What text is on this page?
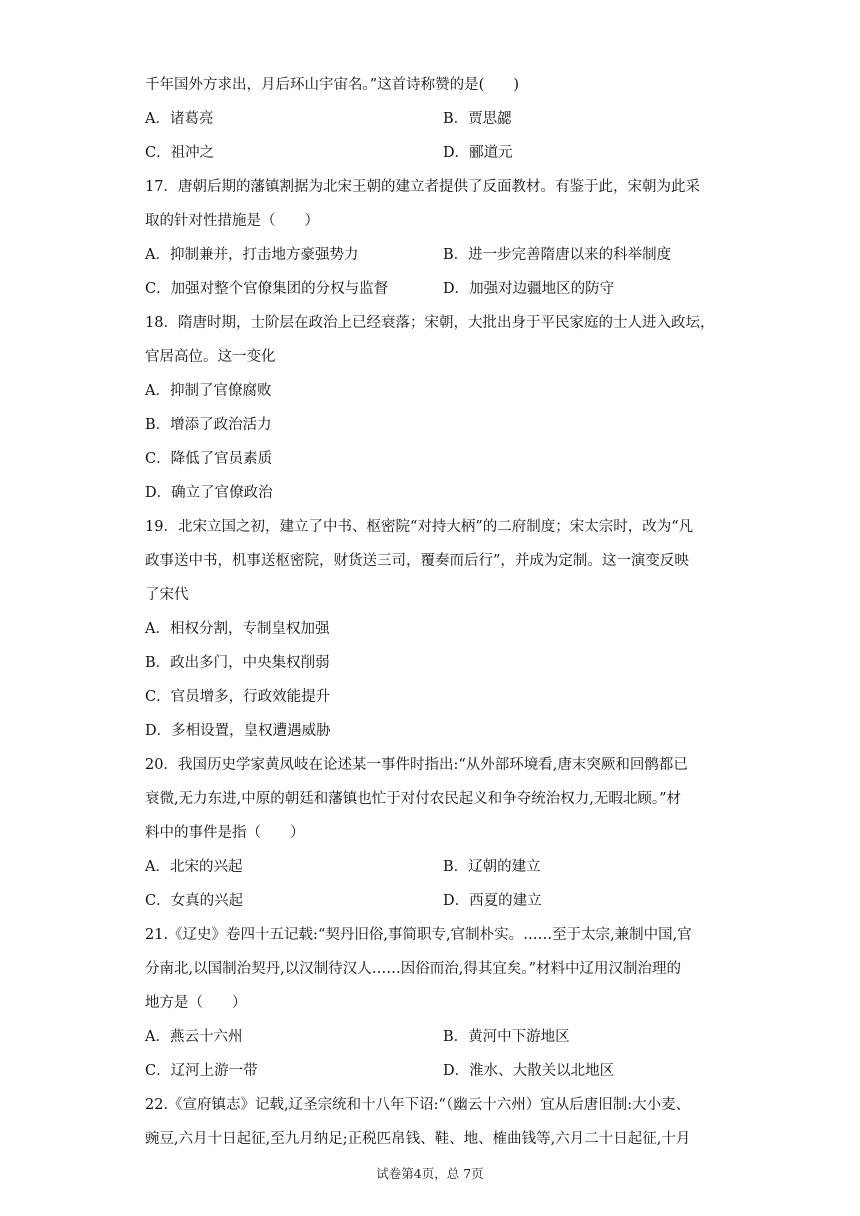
千年国外方求出，月后环山宇宙名。”这首诗称赞的是(　　)
A．诸葛亮	B．贾思勰
C．祖冲之	D．郦道元
17．唐朝后期的藩镇割据为北宋王朝的建立者提供了反面教材。有鉴于此，宋朝为此采
取的针对性措施是（　　）
A．抑制兼并，打击地方豪强势力	B．进一步完善隋唐以来的科举制度
C．加强对整个官僚集团的分权与监督	D．加强对边疆地区的防守
18．隋唐时期，士阶层在政治上已经衰落；宋朝，大批出身于平民家庭的士人进入政坛，
官居高位。这一变化
A．抑制了官僚腐败
B．增添了政治活力
C．降低了官员素质
D．确立了官僚政治
19．北宋立国之初，建立了中书、枢密院“对持大柄”的二府制度；宋太宗时，改为“凡
政事送中书，机事送枢密院，财货送三司，覆奏而后行”，并成为定制。这一演变反映
了宋代
A．相权分割，专制皇权加强
B．政出多门，中央集权削弱
C．官员增多，行政效能提升
D．多相设置，皇权遭遇威胁
20．我国历史学家黄凤岐在论述某一事件时指出:“从外部环境看,唐末突厥和回鹘都已
衰微,无力东进,中原的朝廷和藩镇也忙于对付农民起义和争夺统治权力,无暇北顾。”材
料中的事件是指（　　）
A．北宋的兴起	B．辽朝的建立
C．女真的兴起	D．西夏的建立
21.《辽史》卷四十五记载:“契丹旧俗,事简职专,官制朴实。……至于太宗,兼制中国,官
分南北,以国制治契丹,以汉制待汉人……因俗而治,得其宜矣。”材料中辽用汉制治理的
地方是（　　）
A．燕云十六州	B．黄河中下游地区
C．辽河上游一带	D．淮水、大散关以北地区
22.《宣府镇志》记载,辽圣宗统和十八年下诏:“（幽云十六州）宜从后唐旧制:大小麦、
豌豆,六月十日起征,至九月纳足;正税匹帛钱、鞋、地、榷曲钱等,六月二十日起征,十月
试卷第4页，总 7页
